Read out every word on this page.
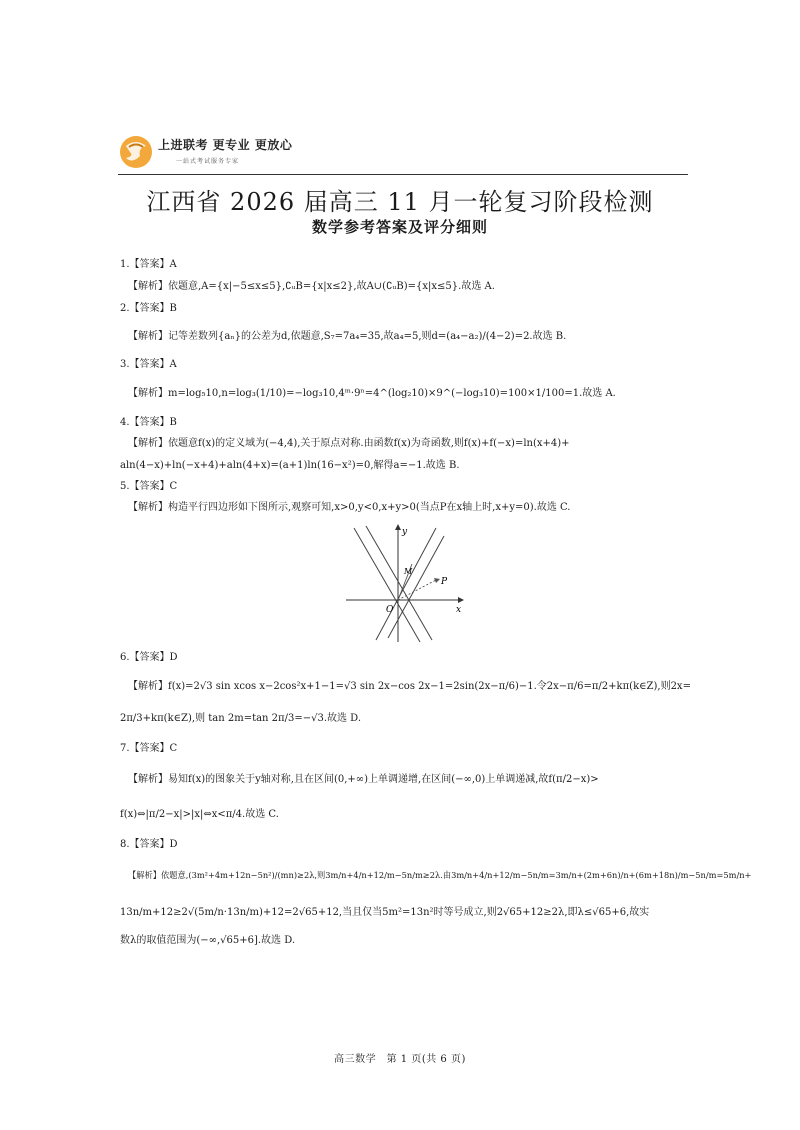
上进联考 更专业 更放心
一站式考试服务专家
江西省 2026 届高三 11 月一轮复习阶段检测
数学参考答案及评分细则
1.【答案】A
【解析】依题意,A={x|−5≤x≤5},∁ᵤB={x|x≤2},故A∪(∁ᵤB)={x|x≤5}.故选 A.
2.【答案】B
【解析】记等差数列{aₙ}的公差为d,依题意,S₇=7a₄=35,故a₄=5,则d=(a₄−a₂)/(4−2)=2.故选 B.
3.【答案】A
【解析】m=log₅10,n=log₃(1/10)=−log₃10,4ᵐ·9ⁿ=4^(log₂10)×9^(−log₃10)=100×1/100=1.故选 A.
4.【答案】B
【解析】依题意f(x)的定义域为(−4,4),关于原点对称.由函数f(x)为奇函数,则f(x)+f(−x)=ln(x+4)+
aln(4−x)+ln(−x+4)+aln(4+x)=(a+1)ln(16−x²)=0,解得a=−1.故选 B.
5.【答案】C
【解析】构造平行四边形如下图所示,观察可知,x>0,y<0,x+y>0(当点P在x轴上时,x+y=0).故选 C.
y
x
O
M
P
6.【答案】D
【解析】f(x)=2√3 sin xcos x−2cos²x+1−1=√3 sin 2x−cos 2x−1=2sin(2x−π/6)−1.令2x−π/6=π/2+kπ(k∈Z),则2x=
2π/3+kπ(k∈Z),则 tan 2m=tan 2π/3=−√3.故选 D.
7.【答案】C
【解析】易知f(x)的图象关于y轴对称,且在区间(0,+∞)上单调递增,在区间(−∞,0)上单调递减,故f(π/2−x)>
f(x)⇔|π/2−x|>|x|⇔x<π/4.故选 C.
8.【答案】D
【解析】依题意,(3m²+4m+12n−5n²)/(mn)≥2λ,则3m/n+4/n+12/m−5n/m≥2λ.由3m/n+4/n+12/m−5n/m=3m/n+(2m+6n)/n+(6m+18n)/m−5n/m=5m/n+
13n/m+12≥2√(5m/n·13n/m)+12=2√65+12,当且仅当5m²=13n²时等号成立,则2√65+12≥2λ,即λ≤√65+6,故实
数λ的取值范围为(−∞,√65+6].故选 D.
高三数学　第 1 页(共 6 页)
